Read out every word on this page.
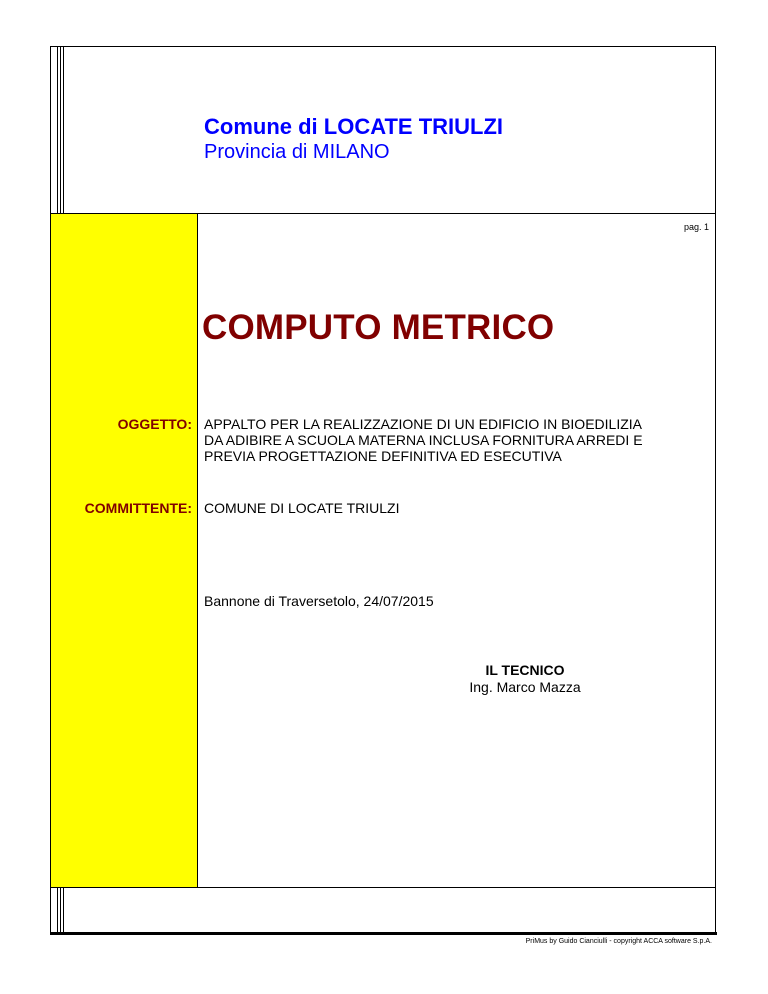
Comune di LOCATE TRIULZI
Provincia di MILANO
pag. 1
COMPUTO METRICO
OGGETTO: APPALTO PER LA REALIZZAZIONE DI UN EDIFICIO IN BIOEDILIZIA
DA ADIBIRE A SCUOLA MATERNA INCLUSA FORNITURA ARREDI E
PREVIA PROGETTAZIONE DEFINITIVA ED ESECUTIVA
COMMITTENTE: COMUNE DI LOCATE TRIULZI
Bannone di Traversetolo, 24/07/2015
IL TECNICO
Ing. Marco Mazza
PriMus by Guido Cianciulli - copyright ACCA software S.p.A.
